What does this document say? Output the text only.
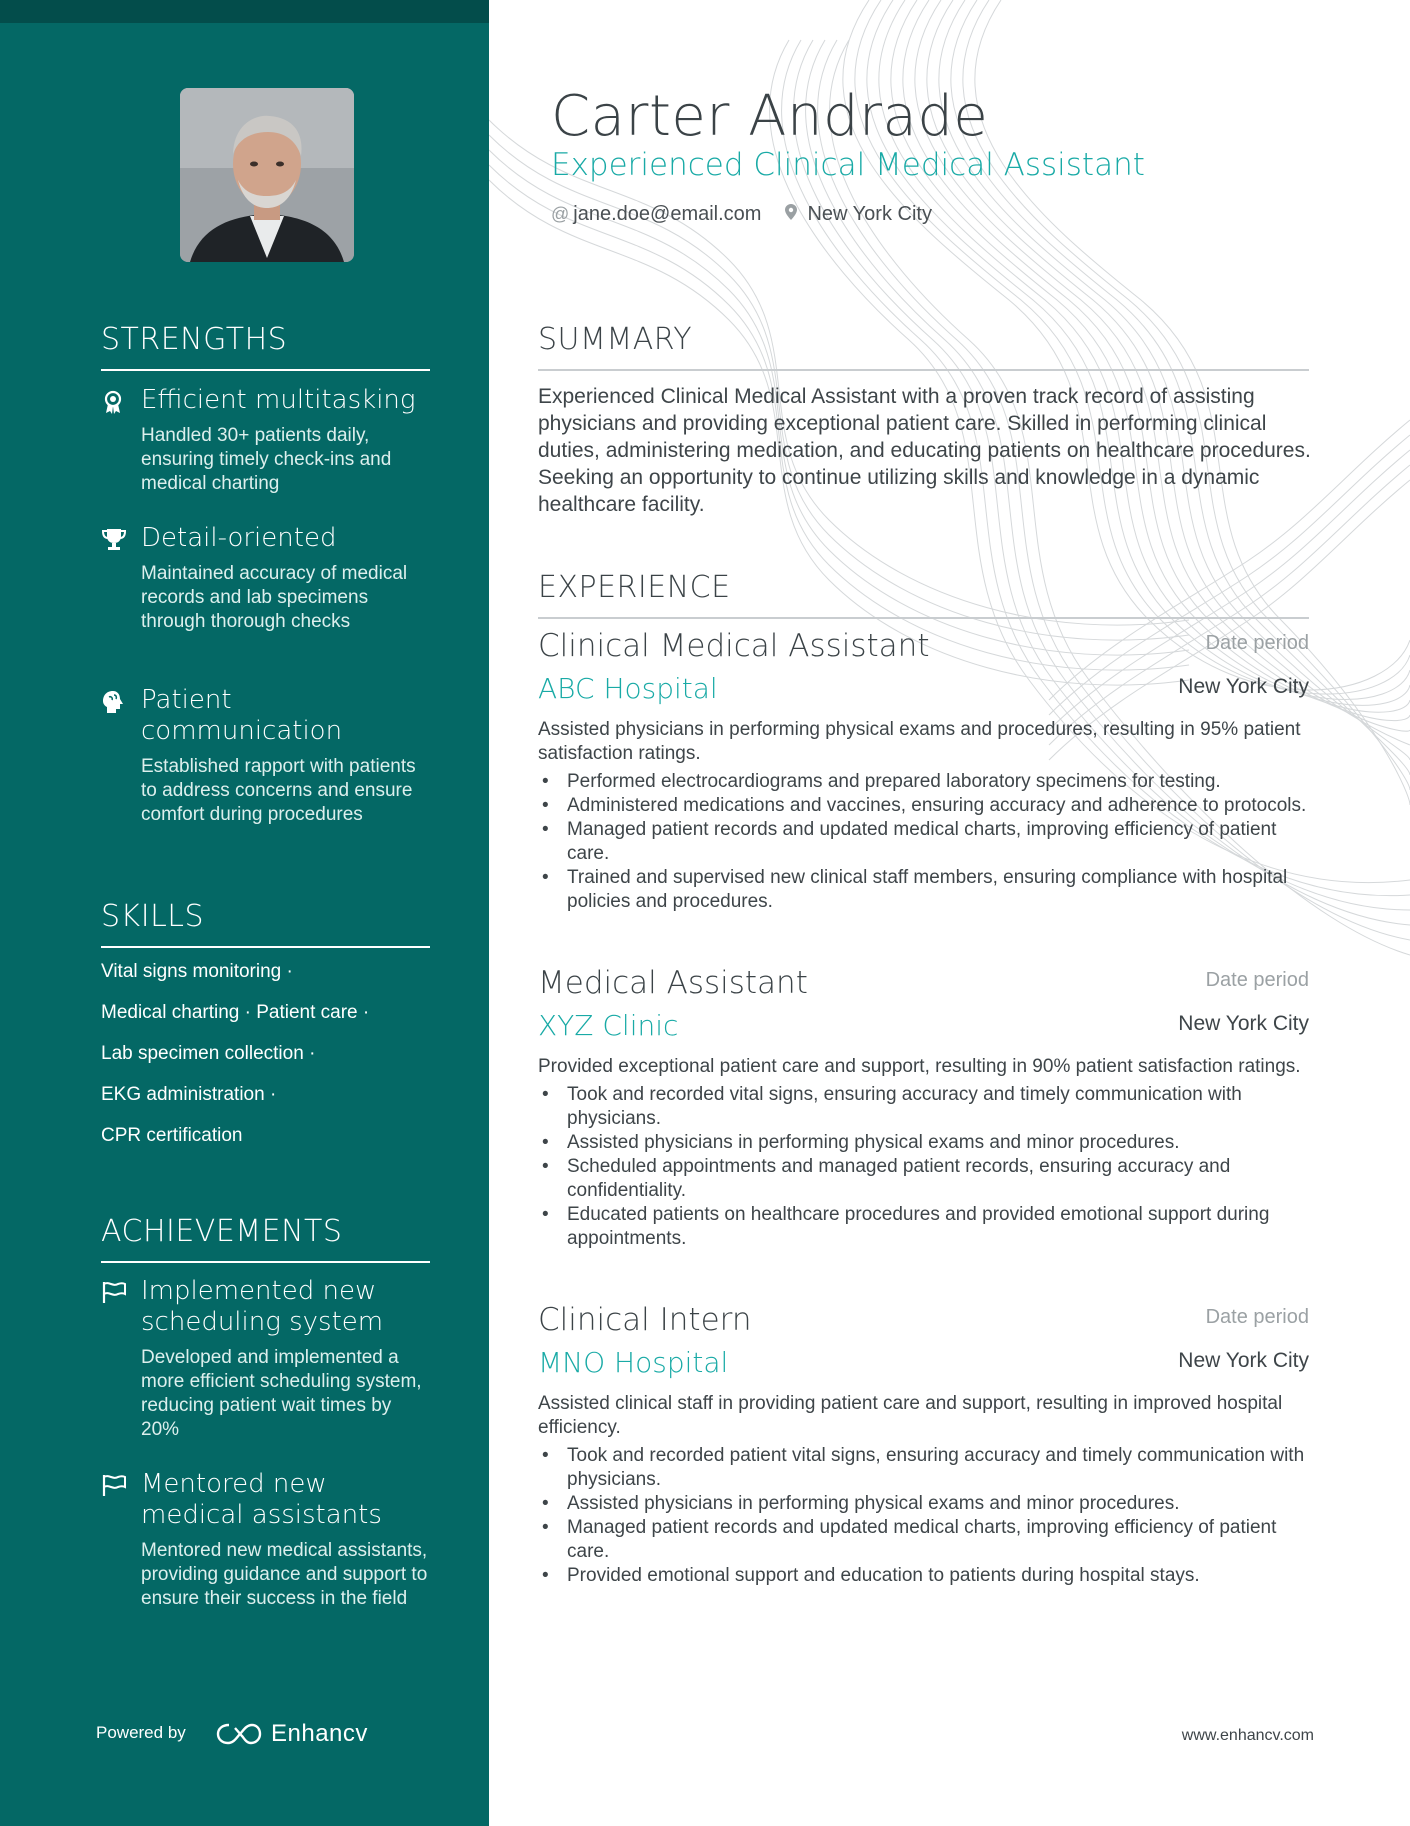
STRENGTHS
Efficient multitasking
Handled 30+ patients daily, ensuring timely check-ins and medical charting
Detail-oriented
Maintained accuracy of medical records and lab specimens through thorough checks
Patient communication
Established rapport with patients to address concerns and ensure comfort during procedures
SKILLS
Vital signs monitoring ·
Medical charting · Patient care ·
Lab specimen collection ·
EKG administration ·
CPR certification
ACHIEVEMENTS
Implemented new scheduling system
Developed and implemented a more efficient scheduling system, reducing patient wait times by 20%
Mentored new medical assistants
Mentored new medical assistants, providing guidance and support to ensure their success in the field
Powered by	Enhancv
Carter Andrade
Experienced Clinical Medical Assistant
@ jane.doe@email.com New York City
SUMMARY
Experienced Clinical Medical Assistant with a proven track record of assisting physicians and providing exceptional patient care. Skilled in performing clinical duties, administering medication, and educating patients on healthcare procedures. Seeking an opportunity to continue utilizing skills and knowledge in a dynamic healthcare facility.
EXPERIENCE
Clinical Medical Assistant	Date period
ABC Hospital	New York City
Assisted physicians in performing physical exams and procedures, resulting in 95% patient satisfaction ratings.
• Performed electrocardiograms and prepared laboratory specimens for testing.
• Administered medications and vaccines, ensuring accuracy and adherence to protocols.
• Managed patient records and updated medical charts, improving efficiency of patient care.
• Trained and supervised new clinical staff members, ensuring compliance with hospital policies and procedures.
Medical Assistant	Date period
XYZ Clinic	New York City
Provided exceptional patient care and support, resulting in 90% patient satisfaction ratings.
• Took and recorded vital signs, ensuring accuracy and timely communication with physicians.
• Assisted physicians in performing physical exams and minor procedures.
• Scheduled appointments and managed patient records, ensuring accuracy and confidentiality.
• Educated patients on healthcare procedures and provided emotional support during appointments.
Clinical Intern	Date period
MNO Hospital	New York City
Assisted clinical staff in providing patient care and support, resulting in improved hospital efficiency.
• Took and recorded patient vital signs, ensuring accuracy and timely communication with physicians.
• Assisted physicians in performing physical exams and minor procedures.
• Managed patient records and updated medical charts, improving efficiency of patient care.
• Provided emotional support and education to patients during hospital stays.
www.enhancv.com
